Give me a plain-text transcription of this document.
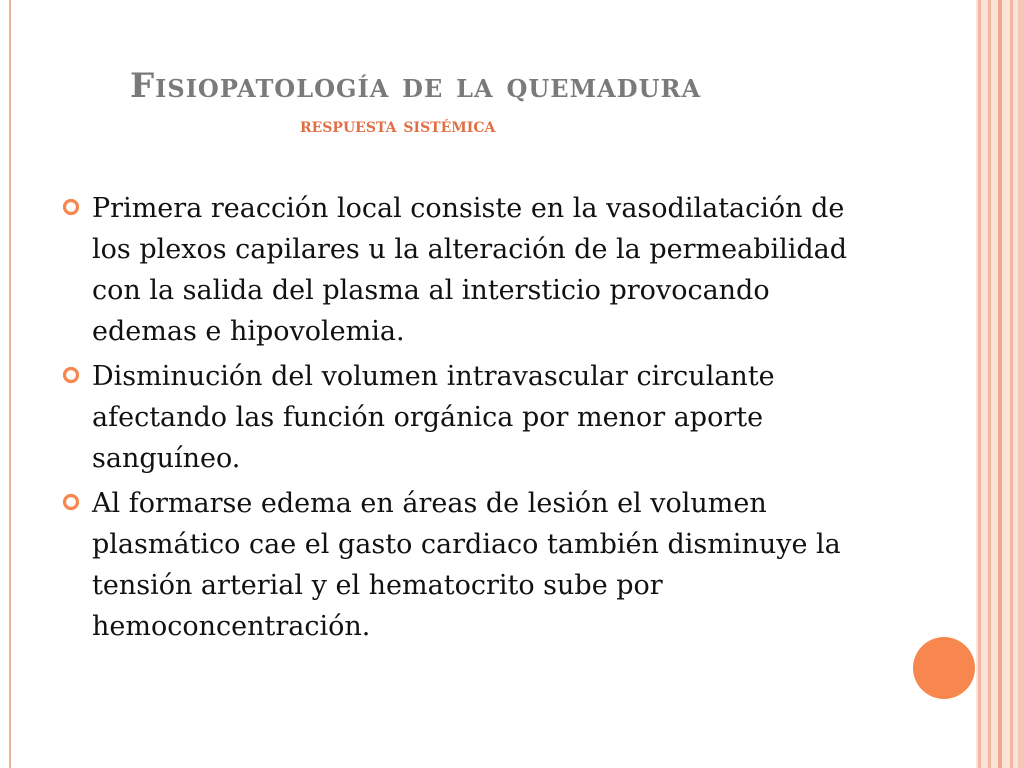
Fisiopatología de la quemadura
respuesta sistémica
Primera reacción local consiste en la vasodilatación de los plexos capilares u la alteración de la permeabilidad con la salida del plasma al intersticio provocando edemas e hipovolemia.
Disminución del volumen intravascular circulante afectando las función orgánica por menor aporte sanguíneo.
Al formarse edema en áreas de lesión el volumen plasmático cae el gasto cardiaco también disminuye la tensión arterial y el hematocrito sube por hemoconcentración.
